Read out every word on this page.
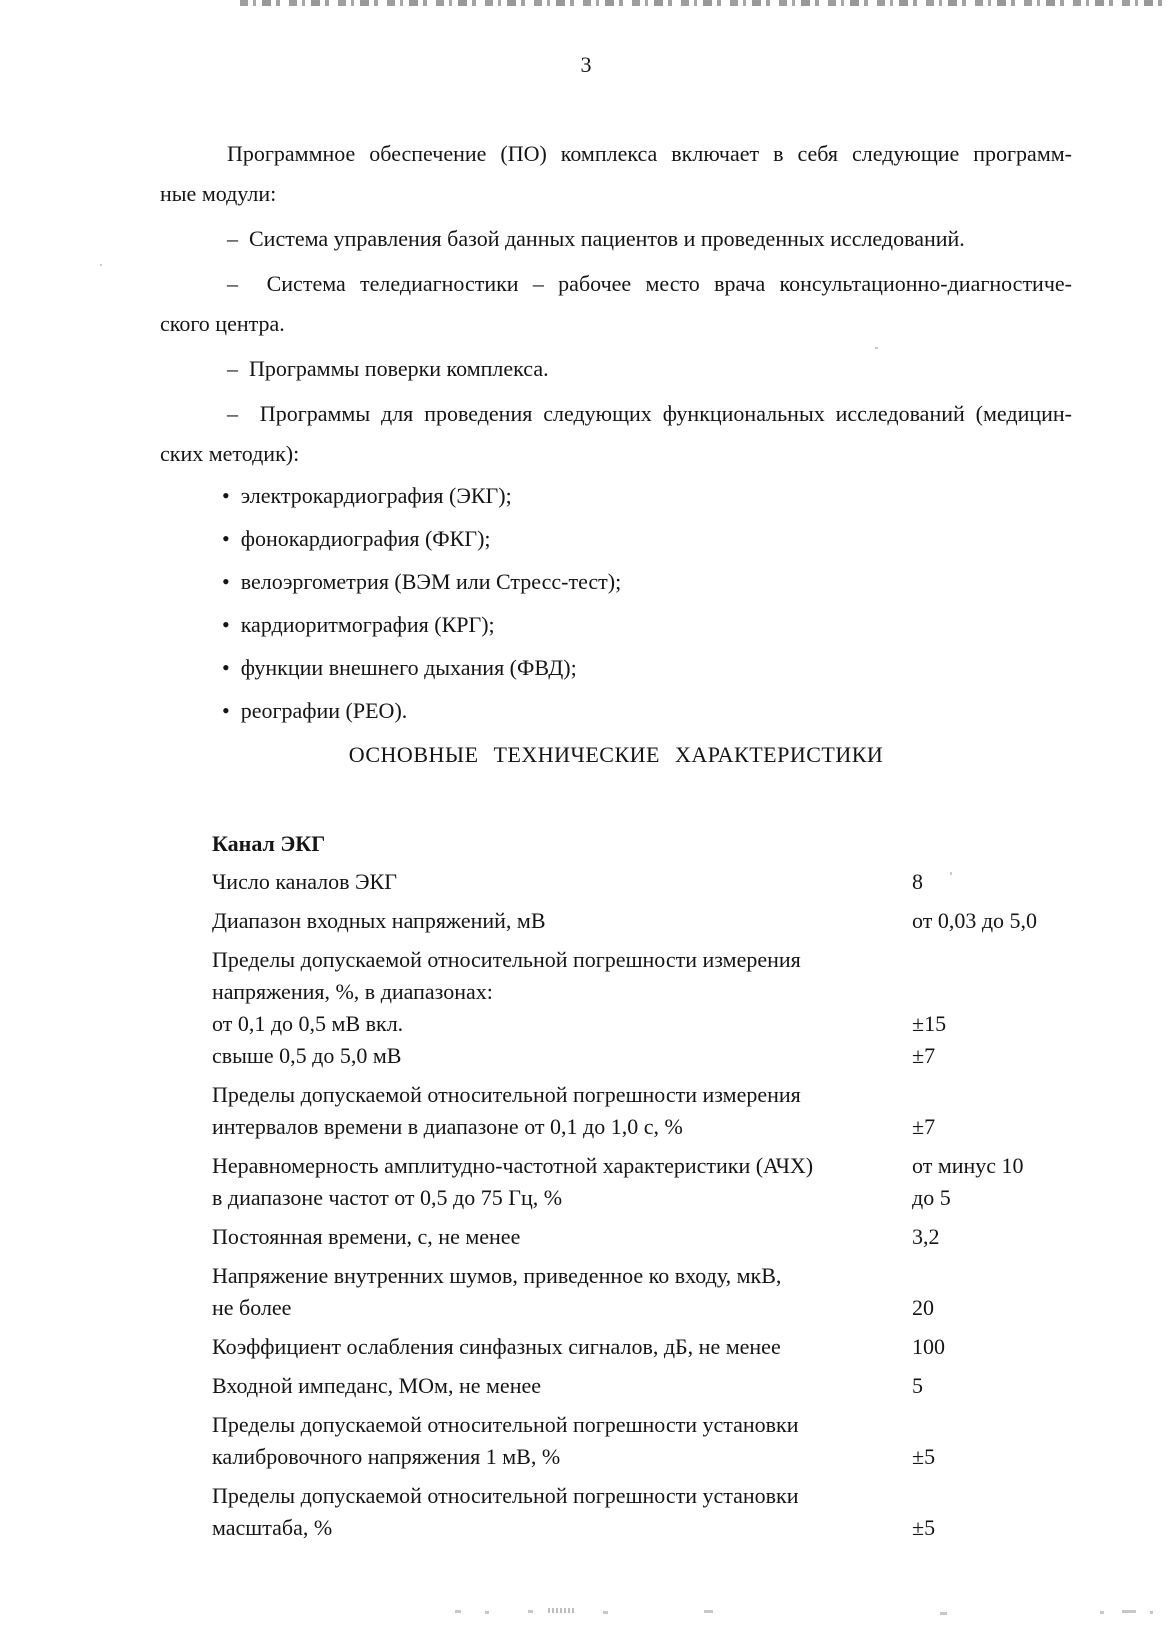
3
Программное обеспечение (ПО) комплекса включает в себя следующие программ-
ные модули:
–  Система управления базой данных пациентов и проведенных исследований.
–  Система теледиагностики – рабочее место врача консультационно-диагностиче-
ского центра.
–  Программы поверки комплекса.
–  Программы для проведения следующих функциональных исследований (медицин-
ских методик):
•  электрокардиография (ЭКГ);
•  фонокардиография (ФКГ);
•  велоэргометрия (ВЭМ или Стресс-тест);
•  кардиоритмография (КРГ);
•  функции внешнего дыхания (ФВД);
•  реографии (РЕО).
ОСНОВНЫЕ ТЕХНИЧЕСКИЕ ХАРАКТЕРИСТИКИ
Канал ЭКГ
Число каналов ЭКГ	8
Диапазон входных напряжений, мВ	от 0,03 до 5,0
Пределы допускаемой относительной погрешности измерения
напряжения, %, в диапазонах:
от 0,1 до 0,5 мВ вкл.	±15
свыше 0,5 до 5,0 мВ	±7
Пределы допускаемой относительной погрешности измерения
интервалов времени в диапазоне от 0,1 до 1,0 с, %	±7
Неравномерность амплитудно-частотной характеристики (АЧХ)	от минус 10
в диапазоне частот от 0,5 до 75 Гц, %	до 5
Постоянная времени, с, не менее	3,2
Напряжение внутренних шумов, приведенное ко входу, мкВ,
не более	20
Коэффициент ослабления синфазных сигналов, дБ, не менее	100
Входной импеданс, МОм, не менее	5
Пределы допускаемой относительной погрешности установки
калибровочного напряжения 1 мВ, %	±5
Пределы допускаемой относительной погрешности установки
масштаба, %	±5
